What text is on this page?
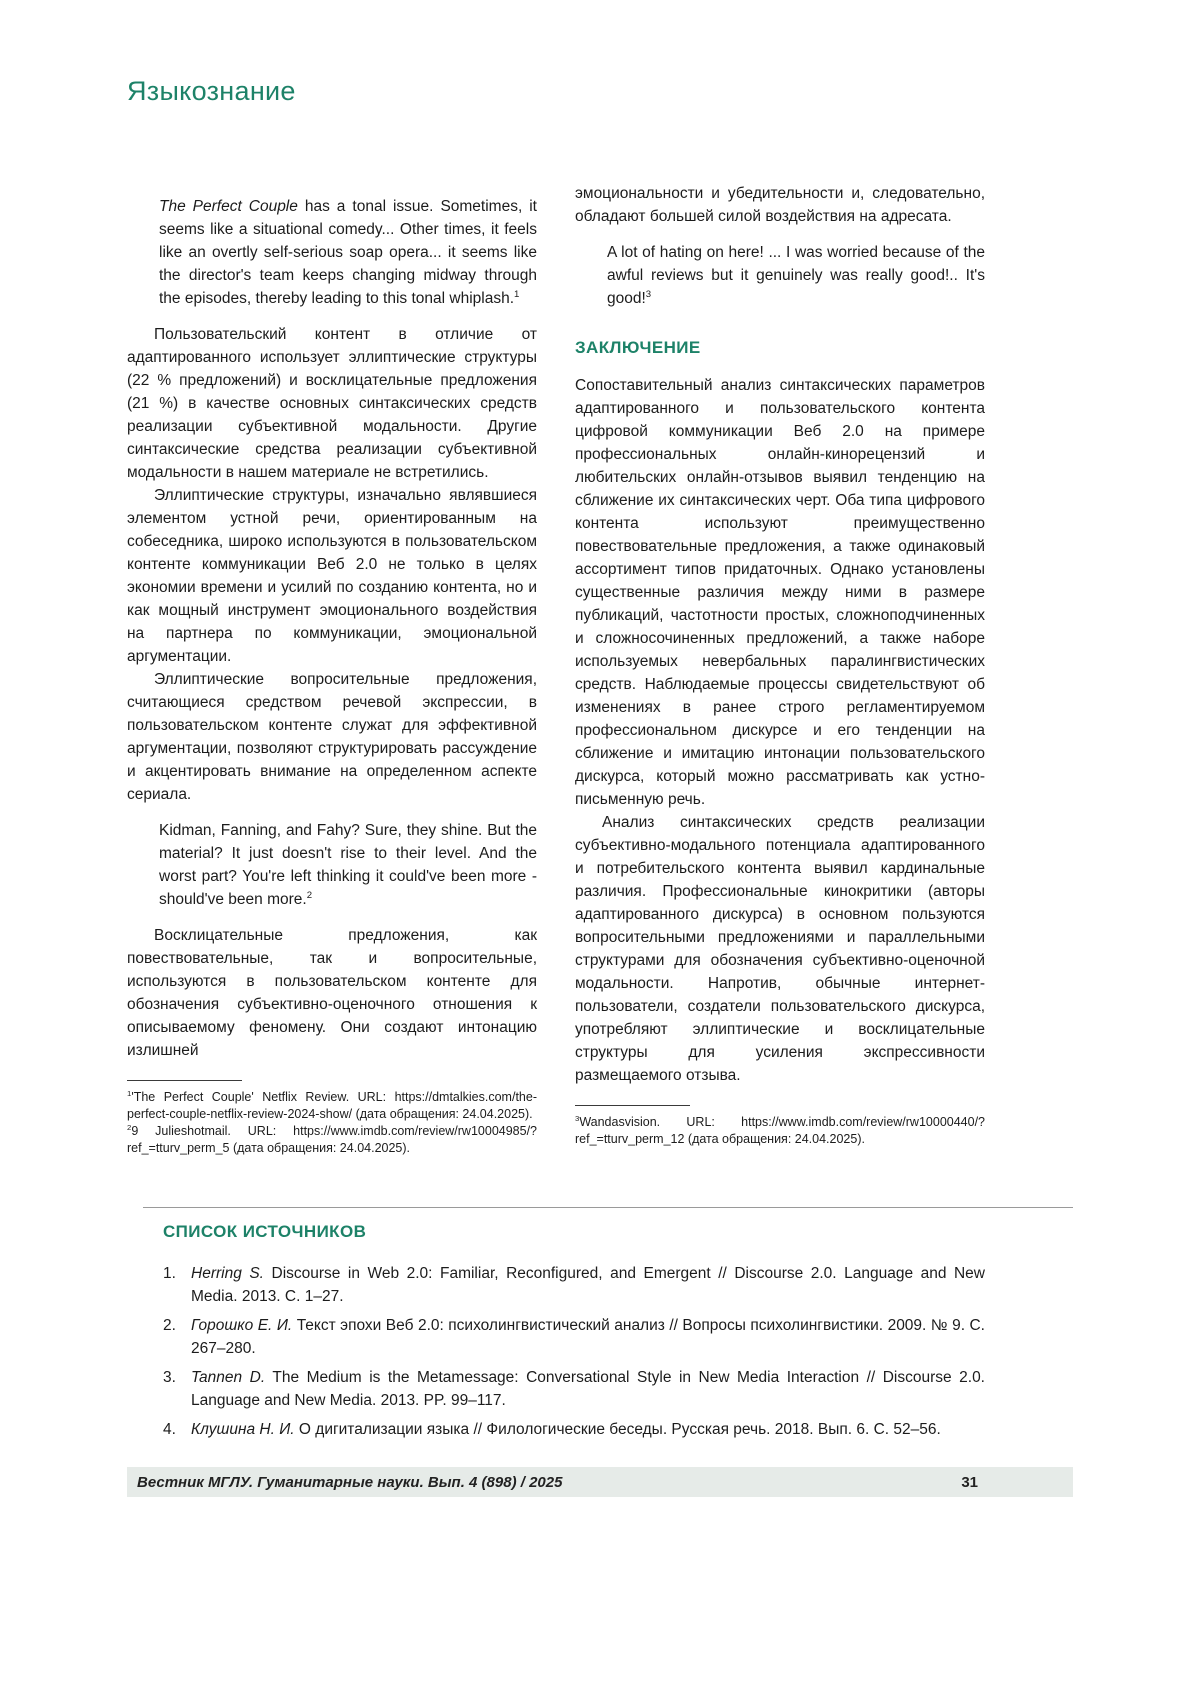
Языкознание
The Perfect Couple has a tonal issue. Sometimes, it seems like a situational comedy... Other times, it feels like an overtly self-serious soap opera... it seems like the director's team keeps changing midway through the episodes, thereby leading to this tonal whiplash.$^1$

Пользовательский контент в отличие от адаптированного использует эллиптические структуры (22 % предложений) и восклицательные предложения (21 %) в качестве основных синтаксических средств реализации субъективной модальности. Другие синтаксические средства реализации субъективной модальности в нашем материале не встретились.

Эллиптические структуры, изначально являвшиеся элементом устной речи, ориентированным на собеседника, широко используются в пользовательском контенте коммуникации Веб 2.0 не только в целях экономии времени и усилий по созданию контента, но и как мощный инструмент эмоционального воздействия на партнера по коммуникации, эмоциональной аргументации.

Эллиптические вопросительные предложения, считающиеся средством речевой экспрессии, в пользовательском контенте служат для эффективной аргументации, позволяют структурировать рассуждение и акцентировать внимание на определенном аспекте сериала.

Kidman, Fanning, and Fahy? Sure, they shine. But the material? It just doesn't rise to their level. And the worst part? You're left thinking it could've been more - should've been more.$^2$

Восклицательные предложения, как повествовательные, так и вопросительные, используются в пользовательском контенте для обозначения субъективно-оценочного отношения к описываемому феномену. Они создают интонацию излишней

$^1$'The Perfect Couple' Netflix Review. URL: https://dmtalkies.com/the-perfect-couple-netflix-review-2024-show/ (дата обращения: 24.04.2025).

$^2$9 Julieshotmail. URL: https://www.imdb.com/review/rw10004985/?ref_=tturv_perm_5 (дата обращения: 24.04.2025).

эмоциональности и убедительности и, следовательно, обладают большей силой воздействия на адресата.

A lot of hating on here! ... I was worried because of the awful reviews but it genuinely was really good!.. It's good!$^3$
ЗАКЛЮЧЕНИЕ

Сопоставительный анализ синтаксических параметров адаптированного и пользовательского контента цифровой коммуникации Веб 2.0 на примере профессиональных онлайн-кинорецензий и любительских онлайн-отзывов выявил тенденцию на сближение их синтаксических черт. Оба типа цифрового контента используют преимущественно повествовательные предложения, а также одинаковый ассортимент типов придаточных. Однако установлены существенные различия между ними в размере публикаций, частотности простых, сложноподчиненных и сложносочиненных предложений, а также наборе используемых невербальных паралингвистических средств. Наблюдаемые процессы свидетельствуют об изменениях в ранее строго регламентируемом профессиональном дискурсе и его тенденции на сближение и имитацию интонации пользовательского дискурса, который можно рассматривать как устно-письменную речь.

Анализ синтаксических средств реализации субъективно-модального потенциала адаптированного и потребительского контента выявил кардинальные различия. Профессиональные кинокритики (авторы адаптированного дискурса) в основном пользуются вопросительными предложениями и параллельными структурами для обозначения субъективно-оценочной модальности. Напротив, обычные интернет-пользователи, создатели пользовательского дискурса, употребляют эллиптические и восклицательные структуры для усиления экспрессивности размещаемого отзыва.

$^3$Wandasvision. URL: https://www.imdb.com/review/rw10000440/?ref_=tturv_perm_12 (дата обращения: 24.04.2025).

СПИСОК ИСТОЧНИКОВ
1. Herring S. Discourse in Web 2.0: Familiar, Reconfigured, and Emergent // Discourse 2.0. Language and New Media. 2013. С. 1–27.
2. Горошко Е. И. Текст эпохи Веб 2.0: психолингвистический анализ // Вопросы психолингвистики. 2009. № 9. С. 267–280.
3. Tannen D. The Medium is the Metamessage: Conversational Style in New Media Interaction // Discourse 2.0. Language and New Media. 2013. PP. 99–117.
4. Клушина Н. И. О дигитализации языка // Филологические беседы. Русская речь. 2018. Вып. 6. С. 52–56.
Вестник МГЛУ. Гуманитарные науки. Вып. 4 (898) / 2025	31
